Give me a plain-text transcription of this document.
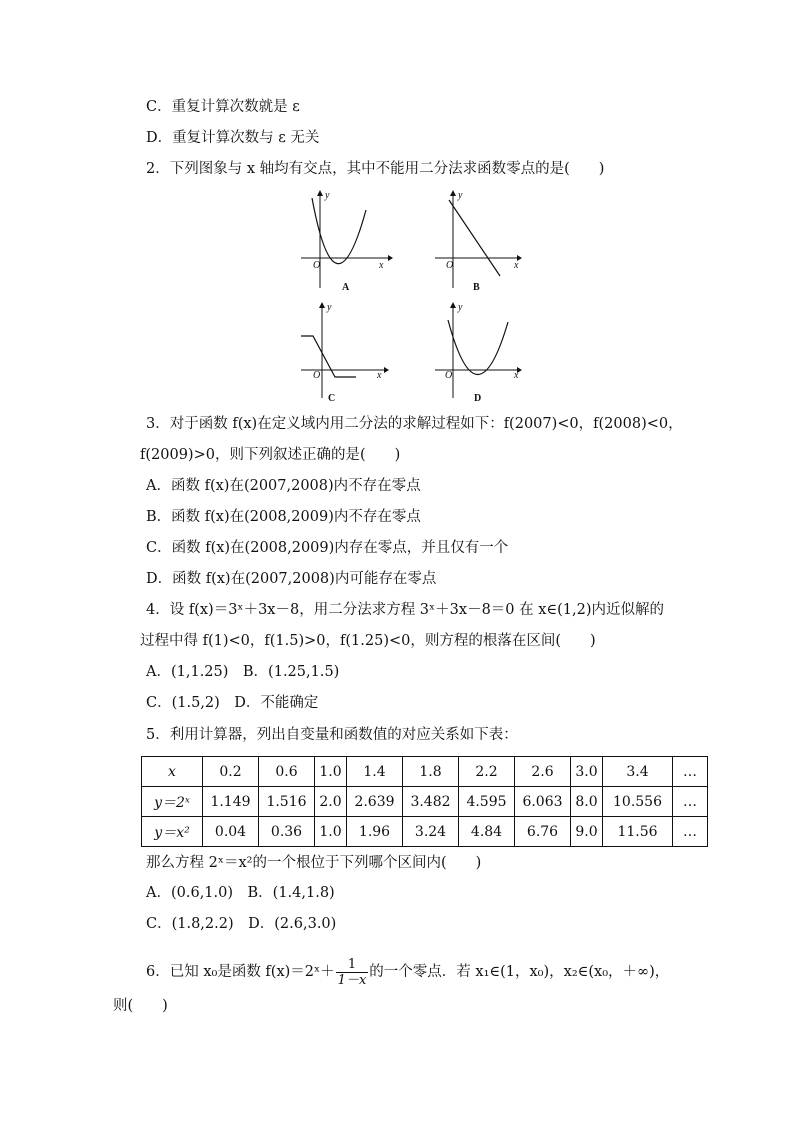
C．重复计算次数就是 ε
D．重复计算次数与 ε 无关
2．下列图象与 x 轴均有交点，其中不能用二分法求函数零点的是(　　)
y
x
O
A
y
x
O
B
y
x
O
C
y
x
O
D
3．对于函数 f(x)在定义域内用二分法的求解过程如下：f(2007)<0，f(2008)<0，
f(2009)>0，则下列叙述正确的是(　　)
A．函数 f(x)在(2007,2008)内不存在零点
B．函数 f(x)在(2008,2009)内不存在零点
C．函数 f(x)在(2008,2009)内存在零点，并且仅有一个
D．函数 f(x)在(2007,2008)内可能存在零点
4．设 f(x)＝3ˣ＋3x－8，用二分法求方程 3ˣ＋3x－8＝0 在 x∈(1,2)内近似解的
过程中得 f(1)<0，f(1.5)>0，f(1.25)<0，则方程的根落在区间(　　)
A．(1,1.25)　B．(1.25,1.5)
C．(1.5,2)　D．不能确定
5．利用计算器，列出自变量和函数值的对应关系如下表：
x	0.2	0.6	1.0	1.4	1.8	2.2	2.6	3.0	3.4	…
y＝2ˣ	1.149	1.516	2.0	2.639	3.482	4.595	6.063	8.0	10.556	…
y＝x²	0.04	0.36	1.0	1.96	3.24	4.84	6.76	9.0	11.56	…
那么方程 2ˣ＝x²的一个根位于下列哪个区间内(　　)
A．(0.6,1.0)　B．(1.4,1.8)
C．(1.8,2.2)　D．(2.6,3.0)
6．已知 x₀是函数 f(x)＝2ˣ＋ $\frac{1}{1-x}$ 的一个零点．若 x₁∈(1，x₀)，x₂∈(x₀，＋∞)，
则(　　)
